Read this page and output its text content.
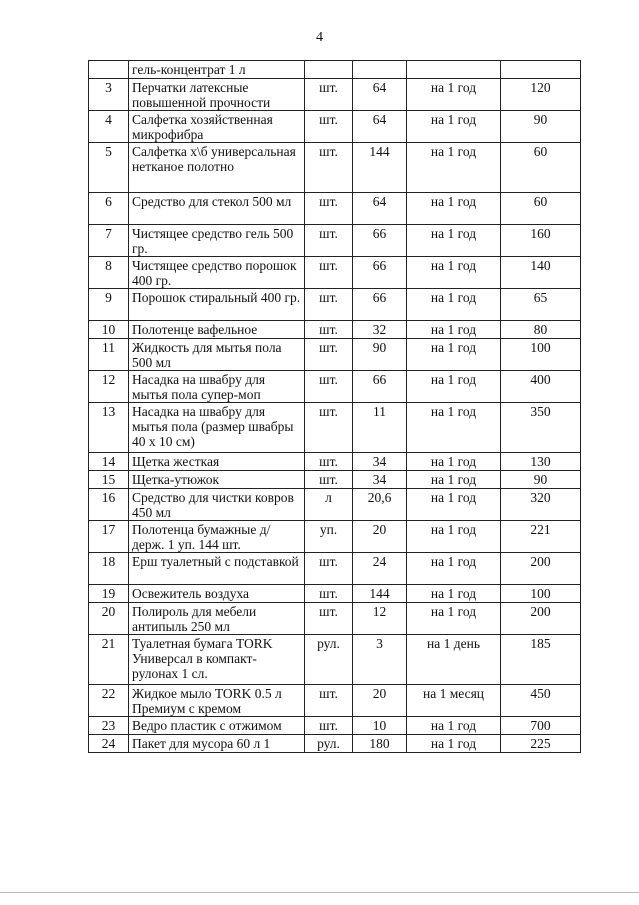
4
	гель-концентрат 1 л				
3	Перчатки латексные повышенной прочности	шт.	64	на 1 год	120
4	Салфетка хозяйственная микрофибра	шт.	64	на 1 год	90
5	Салфетка х\б универсальная нетканое полотно	шт.	144	на 1 год	60
6	Средство для стекол 500 мл	шт.	64	на 1 год	60
7	Чистящее средство гель 500 гр.	шт.	66	на 1 год	160
8	Чистящее средство порошок 400 гр.	шт.	66	на 1 год	140
9	Порошок стиральный 400 гр.	шт.	66	на 1 год	65
10	Полотенце вафельное	шт.	32	на 1 год	80
11	Жидкость для мытья пола 500 мл	шт.	90	на 1 год	100
12	Насадка на швабру для мытья пола супер-моп	шт.	66	на 1 год	400
13	Насадка на швабру для мытья пола (размер швабры 40 х 10 см)	шт.	11	на 1 год	350
14	Щетка жесткая	шт.	34	на 1 год	130
15	Щетка-утюжок	шт.	34	на 1 год	90
16	Средство для чистки ковров 450 мл	л	20,6	на 1 год	320
17	Полотенца бумажные д/держ. 1 уп. 144 шт.	уп.	20	на 1 год	221
18	Ерш туалетный с подставкой	шт.	24	на 1 год	200
19	Освежитель воздуха	шт.	144	на 1 год	100
20	Полироль для мебели антипыль 250 мл	шт.	12	на 1 год	200
21	Туалетная бумага TORK Универсал в компакт-рулонах 1 сл.	рул.	3	на 1 день	185
22	Жидкое мыло TORK 0.5 л Премиум с кремом	шт.	20	на 1 месяц	450
23	Ведро пластик с отжимом	шт.	10	на 1 год	700
24	Пакет для мусора 60 л 1	рул.	180	на 1 год	225
